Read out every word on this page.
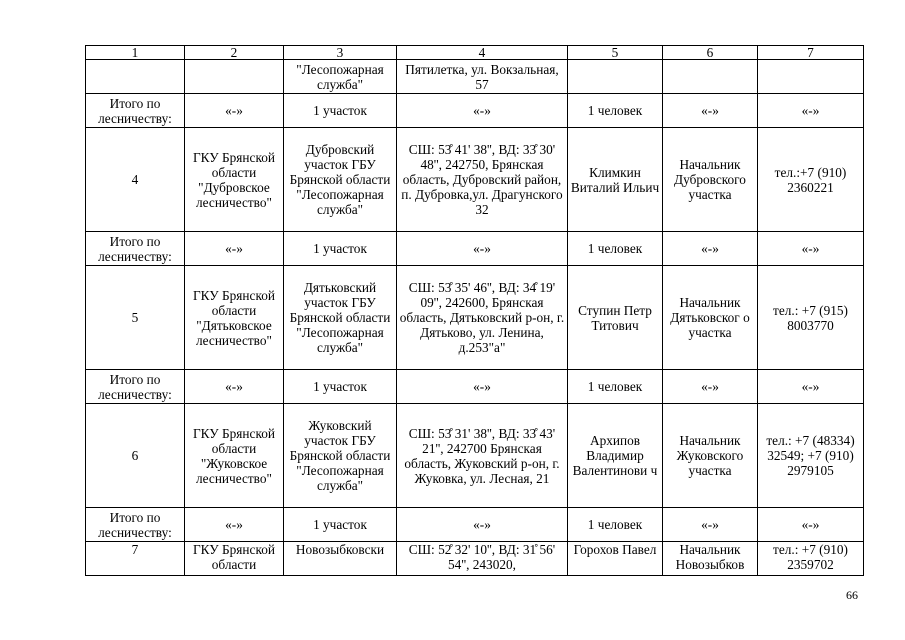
1	2	3	4	5	6	7
		"Лесопожарная служба"	Пятилетка, ул. Вокзальная, 57			
Итого по лесничеству:	«-»	1 участок	«-»	1 человек	«-»	«-»
4	ГКУ Брянской области "Дубровское лесничество"	Дубровский участок ГБУ Брянской области "Лесопожарная служба"	СШ: 53̊ 41' 38'', ВД: 33̊ 30' 48'', 242750, Брянская область, Дубровский район, п. Дубровка,ул. Драгунского 32	Климкин Виталий Ильич	Начальник Дубровского участка	тел.:+7 (910) 2360221
Итого по лесничеству:	«-»	1 участок	«-»	1 человек	«-»	«-»
5	ГКУ Брянской области "Дятьковское лесничество"	Дятьковский участок ГБУ Брянской области "Лесопожарная служба"	СШ: 53̊ 35' 46'', ВД: 34̊ 19' 09'', 242600, Брянская область, Дятьковский р-он, г. Дятьково, ул. Ленина, д.253"а"	Ступин Петр Титович	Начальник Дятьковског о участка	тел.: +7 (915) 8003770
Итого по лесничеству:	«-»	1 участок	«-»	1 человек	«-»	«-»
6	ГКУ Брянской области "Жуковское лесничество"	Жуковский участок ГБУ Брянской области "Лесопожарная служба"	СШ: 53̊ 31' 38'', ВД: 33̊ 43' 21'', 242700 Брянская область, Жуковский р-он, г. Жуковка, ул. Лесная, 21	Архипов Владимир Валентинови ч	Начальник Жуковского участка	тел.: +7 (48334) 32549; +7 (910) 2979105
Итого по лесничеству:	«-»	1 участок	«-»	1 человек	«-»	«-»
7	ГКУ Брянской области	Новозыбковски	СШ: 52̊ 32' 10'', ВД: 31̊ 56' 54'', 243020,	Горохов Павел	Начальник Новозыбков	тел.: +7 (910) 2359702
66
